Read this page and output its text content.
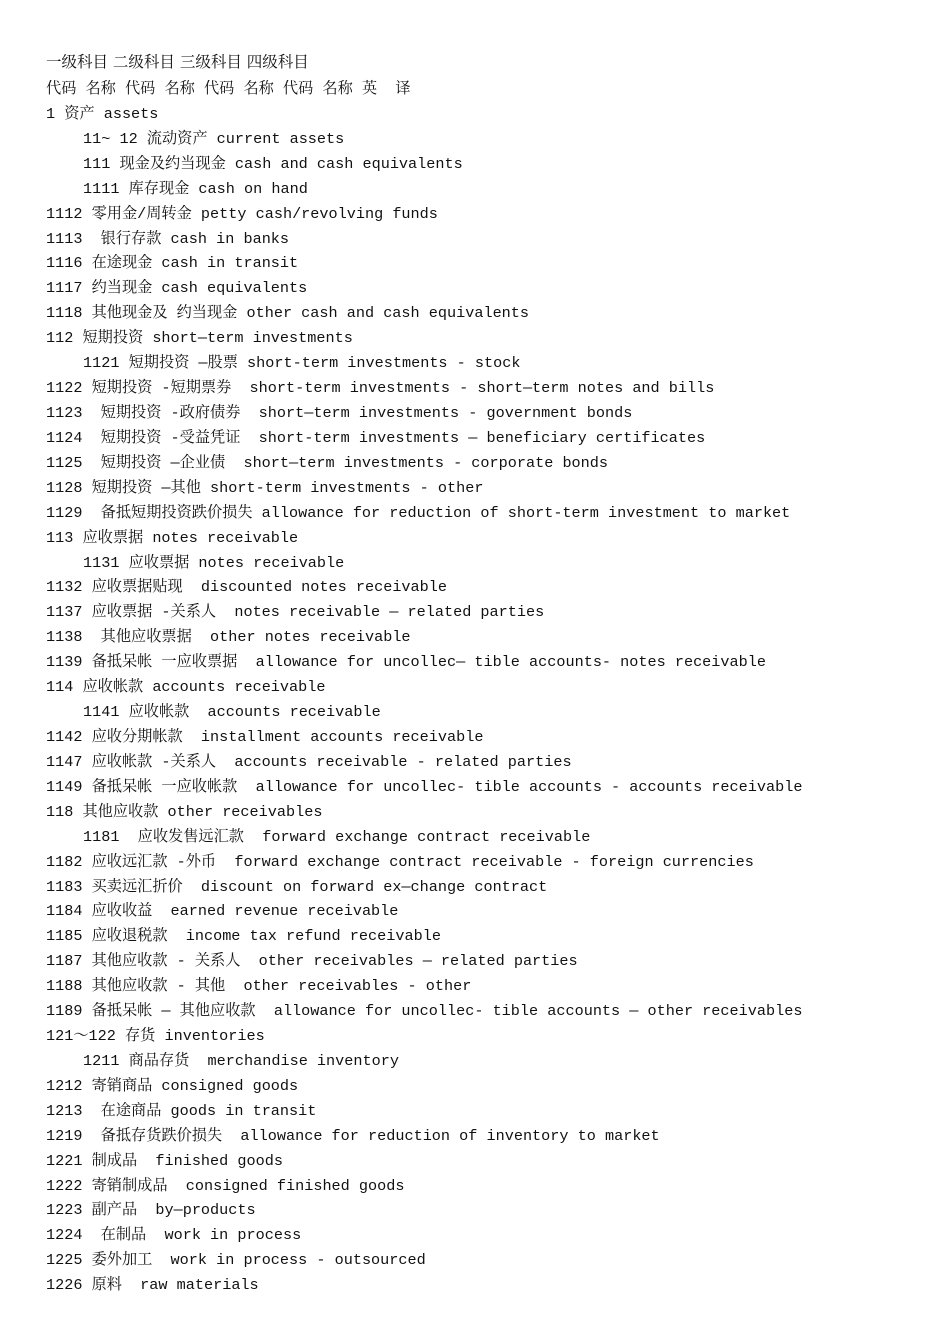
一级科目 二级科目 三级科目 四级科目
代码 名称 代码 名称 代码 名称 代码 名称 英  译
1 资产 assets
11~ 12 流动资产 current assets
111 现金及约当现金 cash and cash equivalents
1111 库存现金 cash on hand
1112 零用金/周转金 petty cash/revolving funds
1113  银行存款 cash in banks
1116 在途现金 cash in transit
1117 约当现金 cash equivalents
1118 其他现金及 约当现金 other cash and cash equivalents
112 短期投资 short—term investments
1121 短期投资 —股票 short-term investments - stock
1122 短期投资 -短期票券  short-term investments - short—term notes and bills
1123  短期投资 -政府债券  short—term investments - government bonds
1124  短期投资 -受益凭证  short-term investments — beneficiary certificates
1125  短期投资 —企业债  short—term investments - corporate bonds
1128 短期投资 —其他 short-term investments - other
1129  备抵短期投资跌价损失 allowance for reduction of short-term investment to market
113 应收票据 notes receivable
1131 应收票据 notes receivable
1132 应收票据贴现  discounted notes receivable
1137 应收票据 -关系人  notes receivable — related parties
1138  其他应收票据  other notes receivable
1139 备抵呆帐 一应收票据  allowance for uncollec— tible accounts- notes receivable
114 应收帐款 accounts receivable
1141 应收帐款  accounts receivable
1142 应收分期帐款  installment accounts receivable
1147 应收帐款 -关系人  accounts receivable - related parties
1149 备抵呆帐 一应收帐款  allowance for uncollec- tible accounts - accounts receivable
118 其他应收款 other receivables
1181  应收发售远汇款  forward exchange contract receivable
1182 应收远汇款 -外币  forward exchange contract receivable - foreign currencies
1183 买卖远汇折价  discount on forward ex—change contract
1184 应收收益  earned revenue receivable
1185 应收退税款  income tax refund receivable
1187 其他应收款 - 关系人  other receivables — related parties
1188 其他应收款 - 其他  other receivables - other
1189 备抵呆帐 — 其他应收款  allowance for uncollec- tible accounts — other receivables
121～122 存货 inventories
1211 商品存货  merchandise inventory
1212 寄销商品 consigned goods
1213  在途商品 goods in transit
1219  备抵存货跌价损失  allowance for reduction of inventory to market
1221 制成品  finished goods
1222 寄销制成品  consigned finished goods
1223 副产品  by—products
1224  在制品  work in process
1225 委外加工  work in process - outsourced
1226 原料  raw materials
